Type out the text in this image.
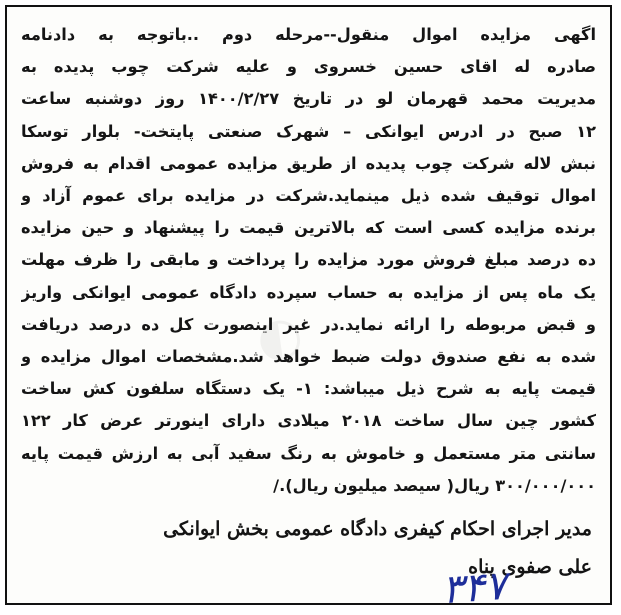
◐
اگهی مزایده اموال منقول--مرحله دوم ..باتوجه به دادنامه
صادره له اقای حسین خسروی و علیه شرکت چوب پدیده به
مدیریت محمد قهرمان لو در تاریخ ۱۴۰۰/۲/۲۷ روز دوشنبه ساعت
۱۲ صبح در ادرس ایوانکی – شهرک صنعتی پایتخت- بلوار توسکا
نبش لاله شرکت چوب پدیده از طریق مزایده عمومی اقدام به فروش
اموال توقیف شده ذیل مینماید.شرکت در مزایده برای عموم آزاد و
برنده مزایده کسی است که بالاترین قیمت را پیشنهاد و حین مزایده
ده درصد مبلغ فروش مورد مزایده را پرداخت و مابقی را ظرف مهلت
یک ماه پس از مزایده به حساب سپرده دادگاه عمومی ایوانکی واریز
و قبض مربوطه را ارائه نماید.در غیر اینصورت کل ده درصد دریافت
شده به نفع صندوق دولت ضبط خواهد شد.مشخصات اموال مزایده و
قیمت پایه به شرح ذیل میباشد: ۱- یک دستگاه سلفون کش ساخت
کشور چین سال ساخت ۲۰۱۸ میلادی دارای اینورتر عرض کار ۱۲۲
سانتی متر مستعمل و خاموش به رنگ سفید آبی به ارزش قیمت پایه
۳۰۰/۰۰۰/۰۰۰ ریال( سیصد میلیون ریال)./
مدیر اجرای احکام کیفری دادگاه عمومی بخش ایوانکی
علی صفوی پناه
۳۴۷
